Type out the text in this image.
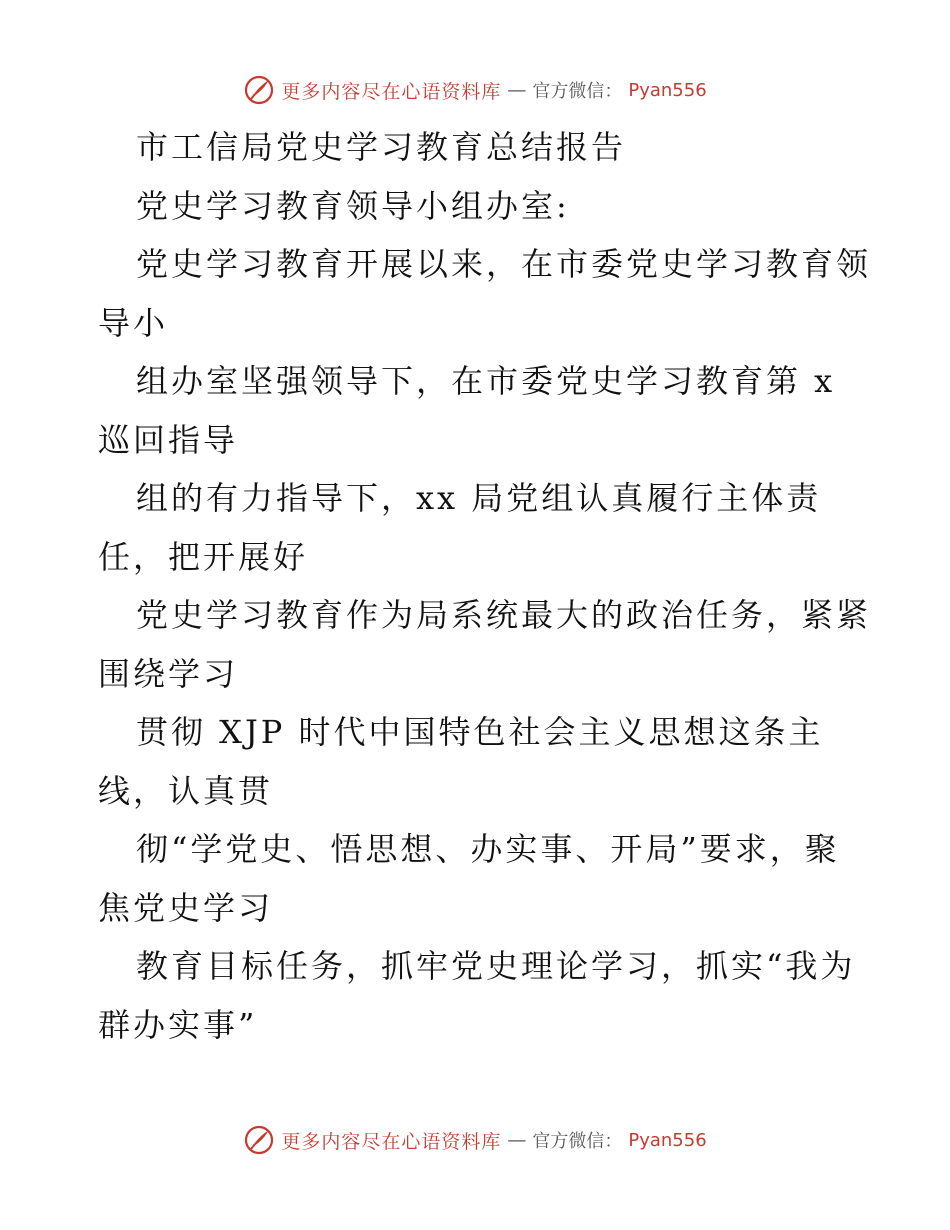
更多内容尽在心语资料库 — 官方微信： Pyan556
市工信局党史学习教育总结报告
党史学习教育领导小组办室:
党史学习教育开展以来，在市委党史学习教育领
导小
组办室坚强领导下，在市委党史学习教育第 x
巡回指导
组的有力指导下，xx 局党组认真履行主体责
任，把开展好
党史学习教育作为局系统最大的政治任务，紧紧
围绕学习
贯彻 XJP 时代中国特色社会主义思想这条主
线，认真贯
彻“学党史、悟思想、办实事、开局”要求，聚
焦党史学习
教育目标任务，抓牢党史理论学习，抓实“我为
群办实事”
更多内容尽在心语资料库 — 官方微信： Pyan556
